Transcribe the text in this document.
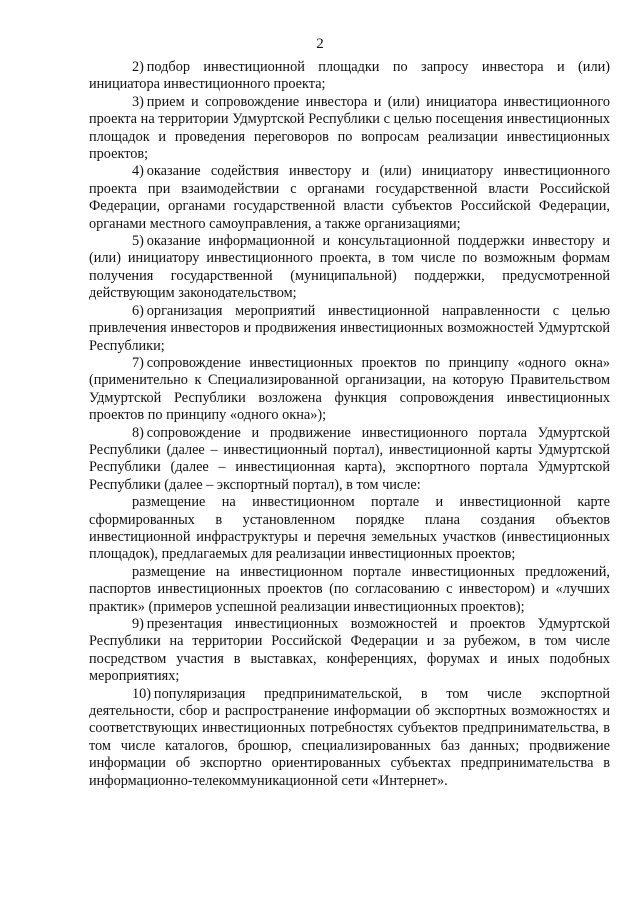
2

2) подбор инвестиционной площадки по запросу инвестора и (или) инициатора инвестиционного проекта;

3) прием и сопровождение инвестора и (или) инициатора инвестиционного проекта на территории Удмуртской Республики с целью посещения инвестиционных площадок и проведения переговоров по вопросам реализации инвестиционных проектов;

4) оказание содействия инвестору и (или) инициатору инвестиционного проекта при взаимодействии с органами государственной власти Российской Федерации, органами государственной власти субъектов Российской Федерации, органами местного самоуправления, а также организациями;

5) оказание информационной и консультационной поддержки инвестору и (или) инициатору инвестиционного проекта, в том числе по возможным формам получения государственной (муниципальной) поддержки, предусмотренной действующим законодательством;

6) организация мероприятий инвестиционной направленности с целью привлечения инвесторов и продвижения инвестиционных возможностей Удмуртской Республики;

7) сопровождение инвестиционных проектов по принципу «одного окна» (применительно к Специализированной организации, на которую Правительством Удмуртской Республики возложена функция сопровождения инвестиционных проектов по принципу «одного окна»);

8) сопровождение и продвижение инвестиционного портала Удмуртской Республики (далее – инвестиционный портал), инвестиционной карты Удмуртской Республики (далее – инвестиционная карта), экспортного портала Удмуртской Республики (далее – экспортный портал), в том числе:

размещение на инвестиционном портале и инвестиционной карте сформированных в установленном порядке плана создания объектов инвестиционной инфраструктуры и перечня земельных участков (инвестиционных площадок), предлагаемых для реализации инвестиционных проектов;

размещение на инвестиционном портале инвестиционных предложений, паспортов инвестиционных проектов (по согласованию с инвестором) и «лучших практик» (примеров успешной реализации инвестиционных проектов);

9) презентация инвестиционных возможностей и проектов Удмуртской Республики на территории Российской Федерации и за рубежом, в том числе посредством участия в выставках, конференциях, форумах и иных подобных мероприятиях;

10) популяризация предпринимательской, в том числе экспортной деятельности, сбор и распространение информации об экспортных возможностях и соответствующих инвестиционных потребностях субъектов предпринимательства, в том числе каталогов, брошюр, специализированных баз данных; продвижение информации об экспортно ориентированных субъектах предпринимательства в информационно-телекоммуникационной сети «Интернет».
